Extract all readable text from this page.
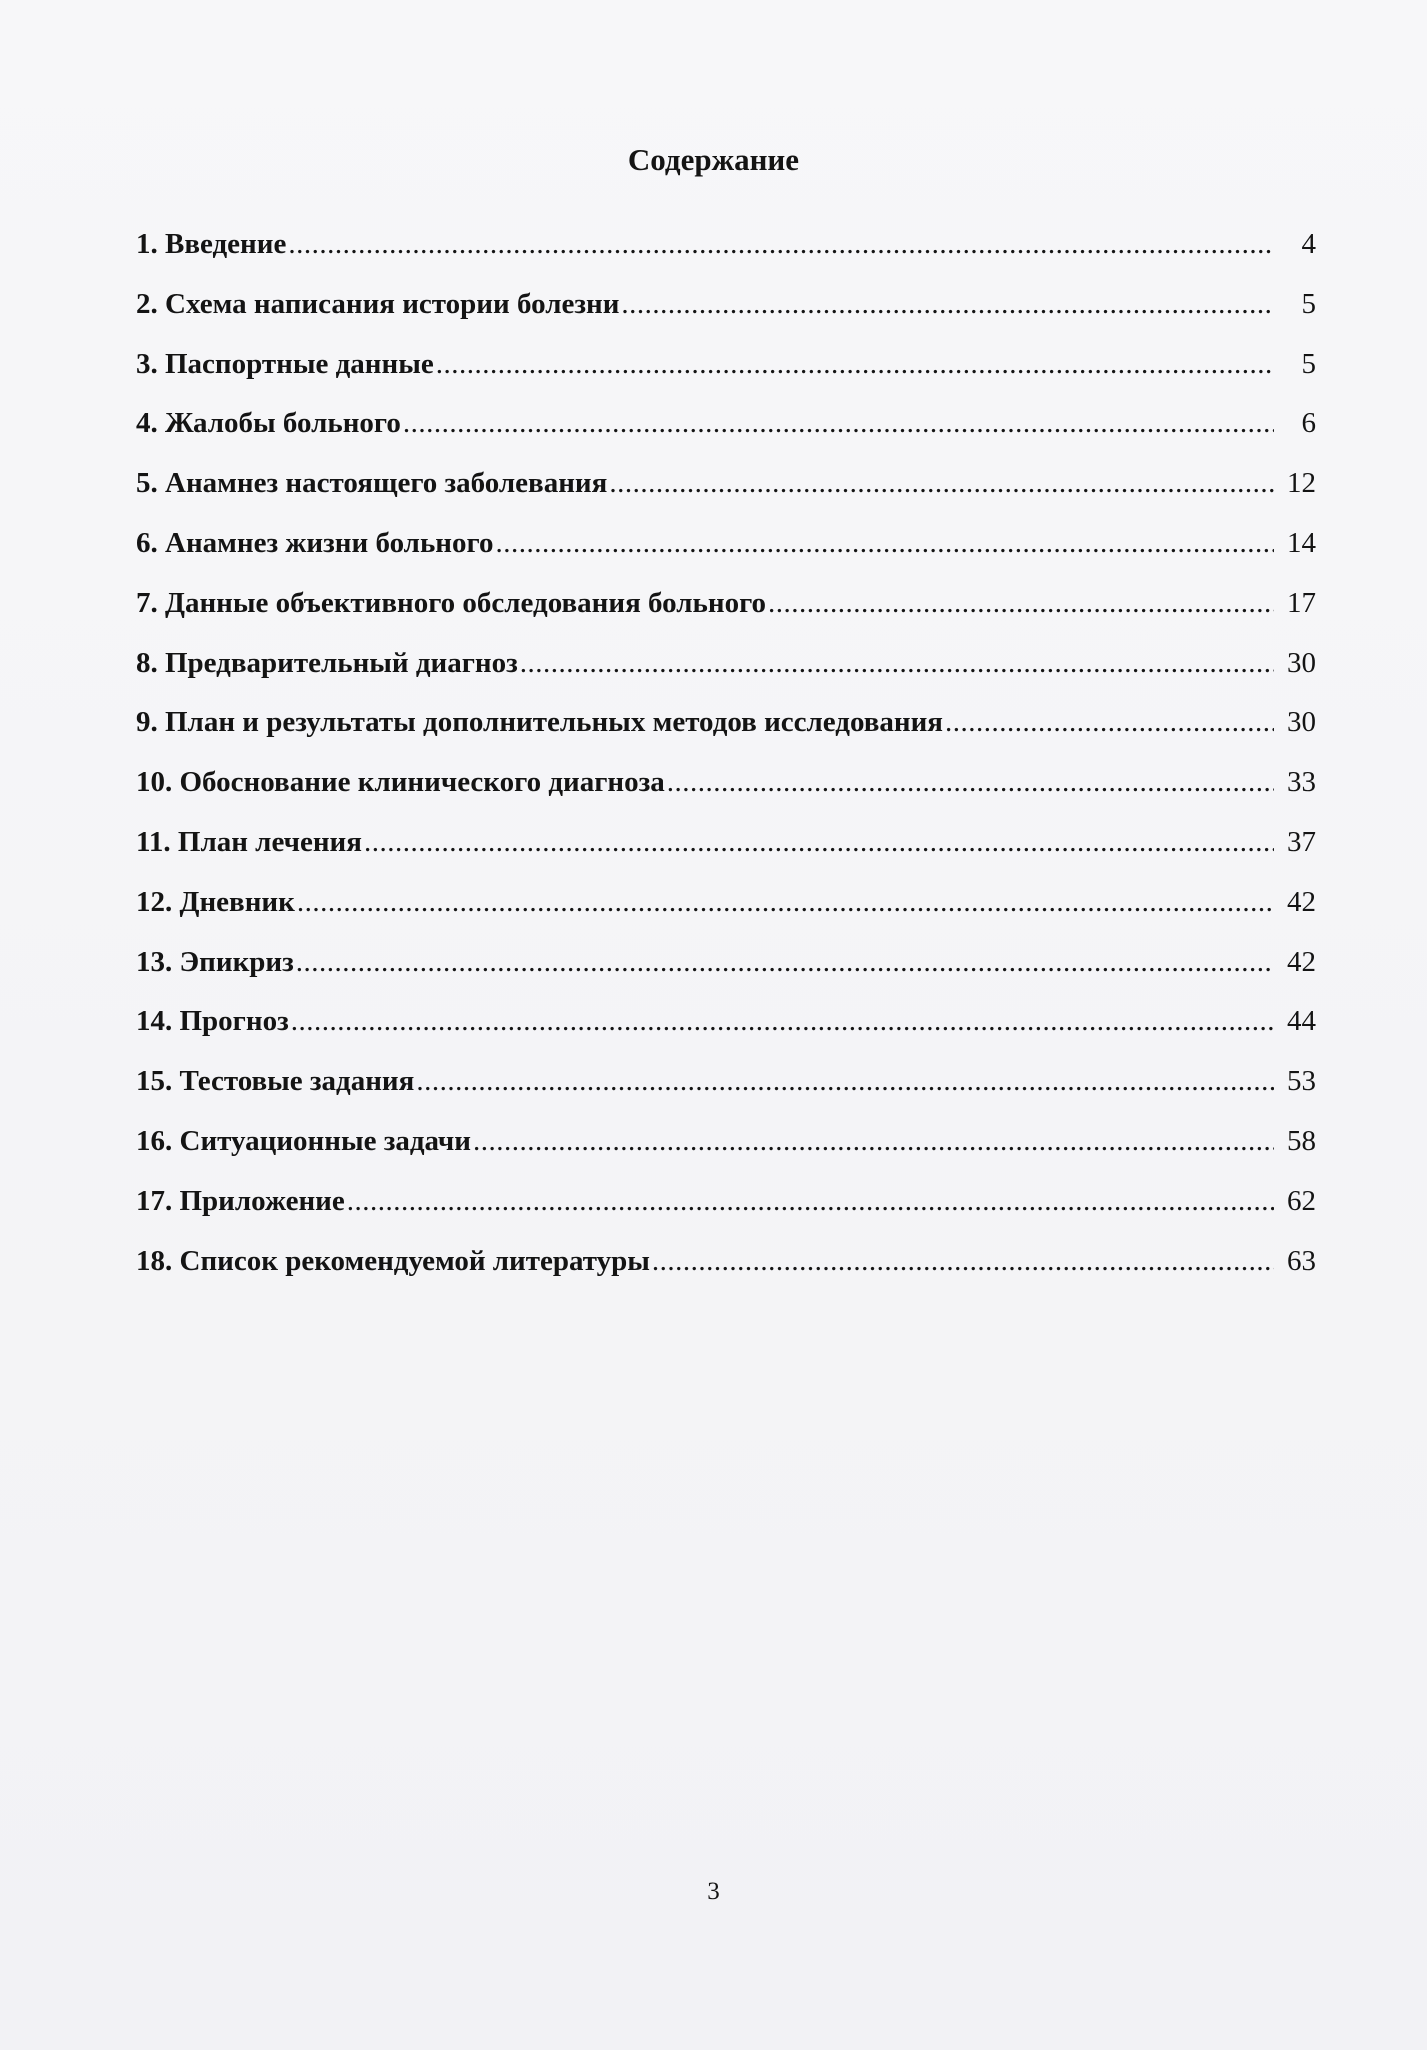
Содержание
1. Введение .....	4
2. Схема написания истории болезни .....	5
3. Паспортные данные .....	5
4. Жалобы больного .....	6
5. Анамнез настоящего заболевания .....	12
6. Анамнез жизни больного .....	14
7. Данные объективного обследования больного .....	17
8. Предварительный диагноз .....	30
9. План и результаты дополнительных методов исследования .....	30
10. Обоснование клинического диагноза .....	33
11. План лечения .....	37
12. Дневник .....	42
13. Эпикриз .....	42
14. Прогноз .....	44
15. Тестовые задания .....	53
16. Ситуационные задачи .....	58
17. Приложение .....	62
18. Список рекомендуемой литературы .....	63
3
